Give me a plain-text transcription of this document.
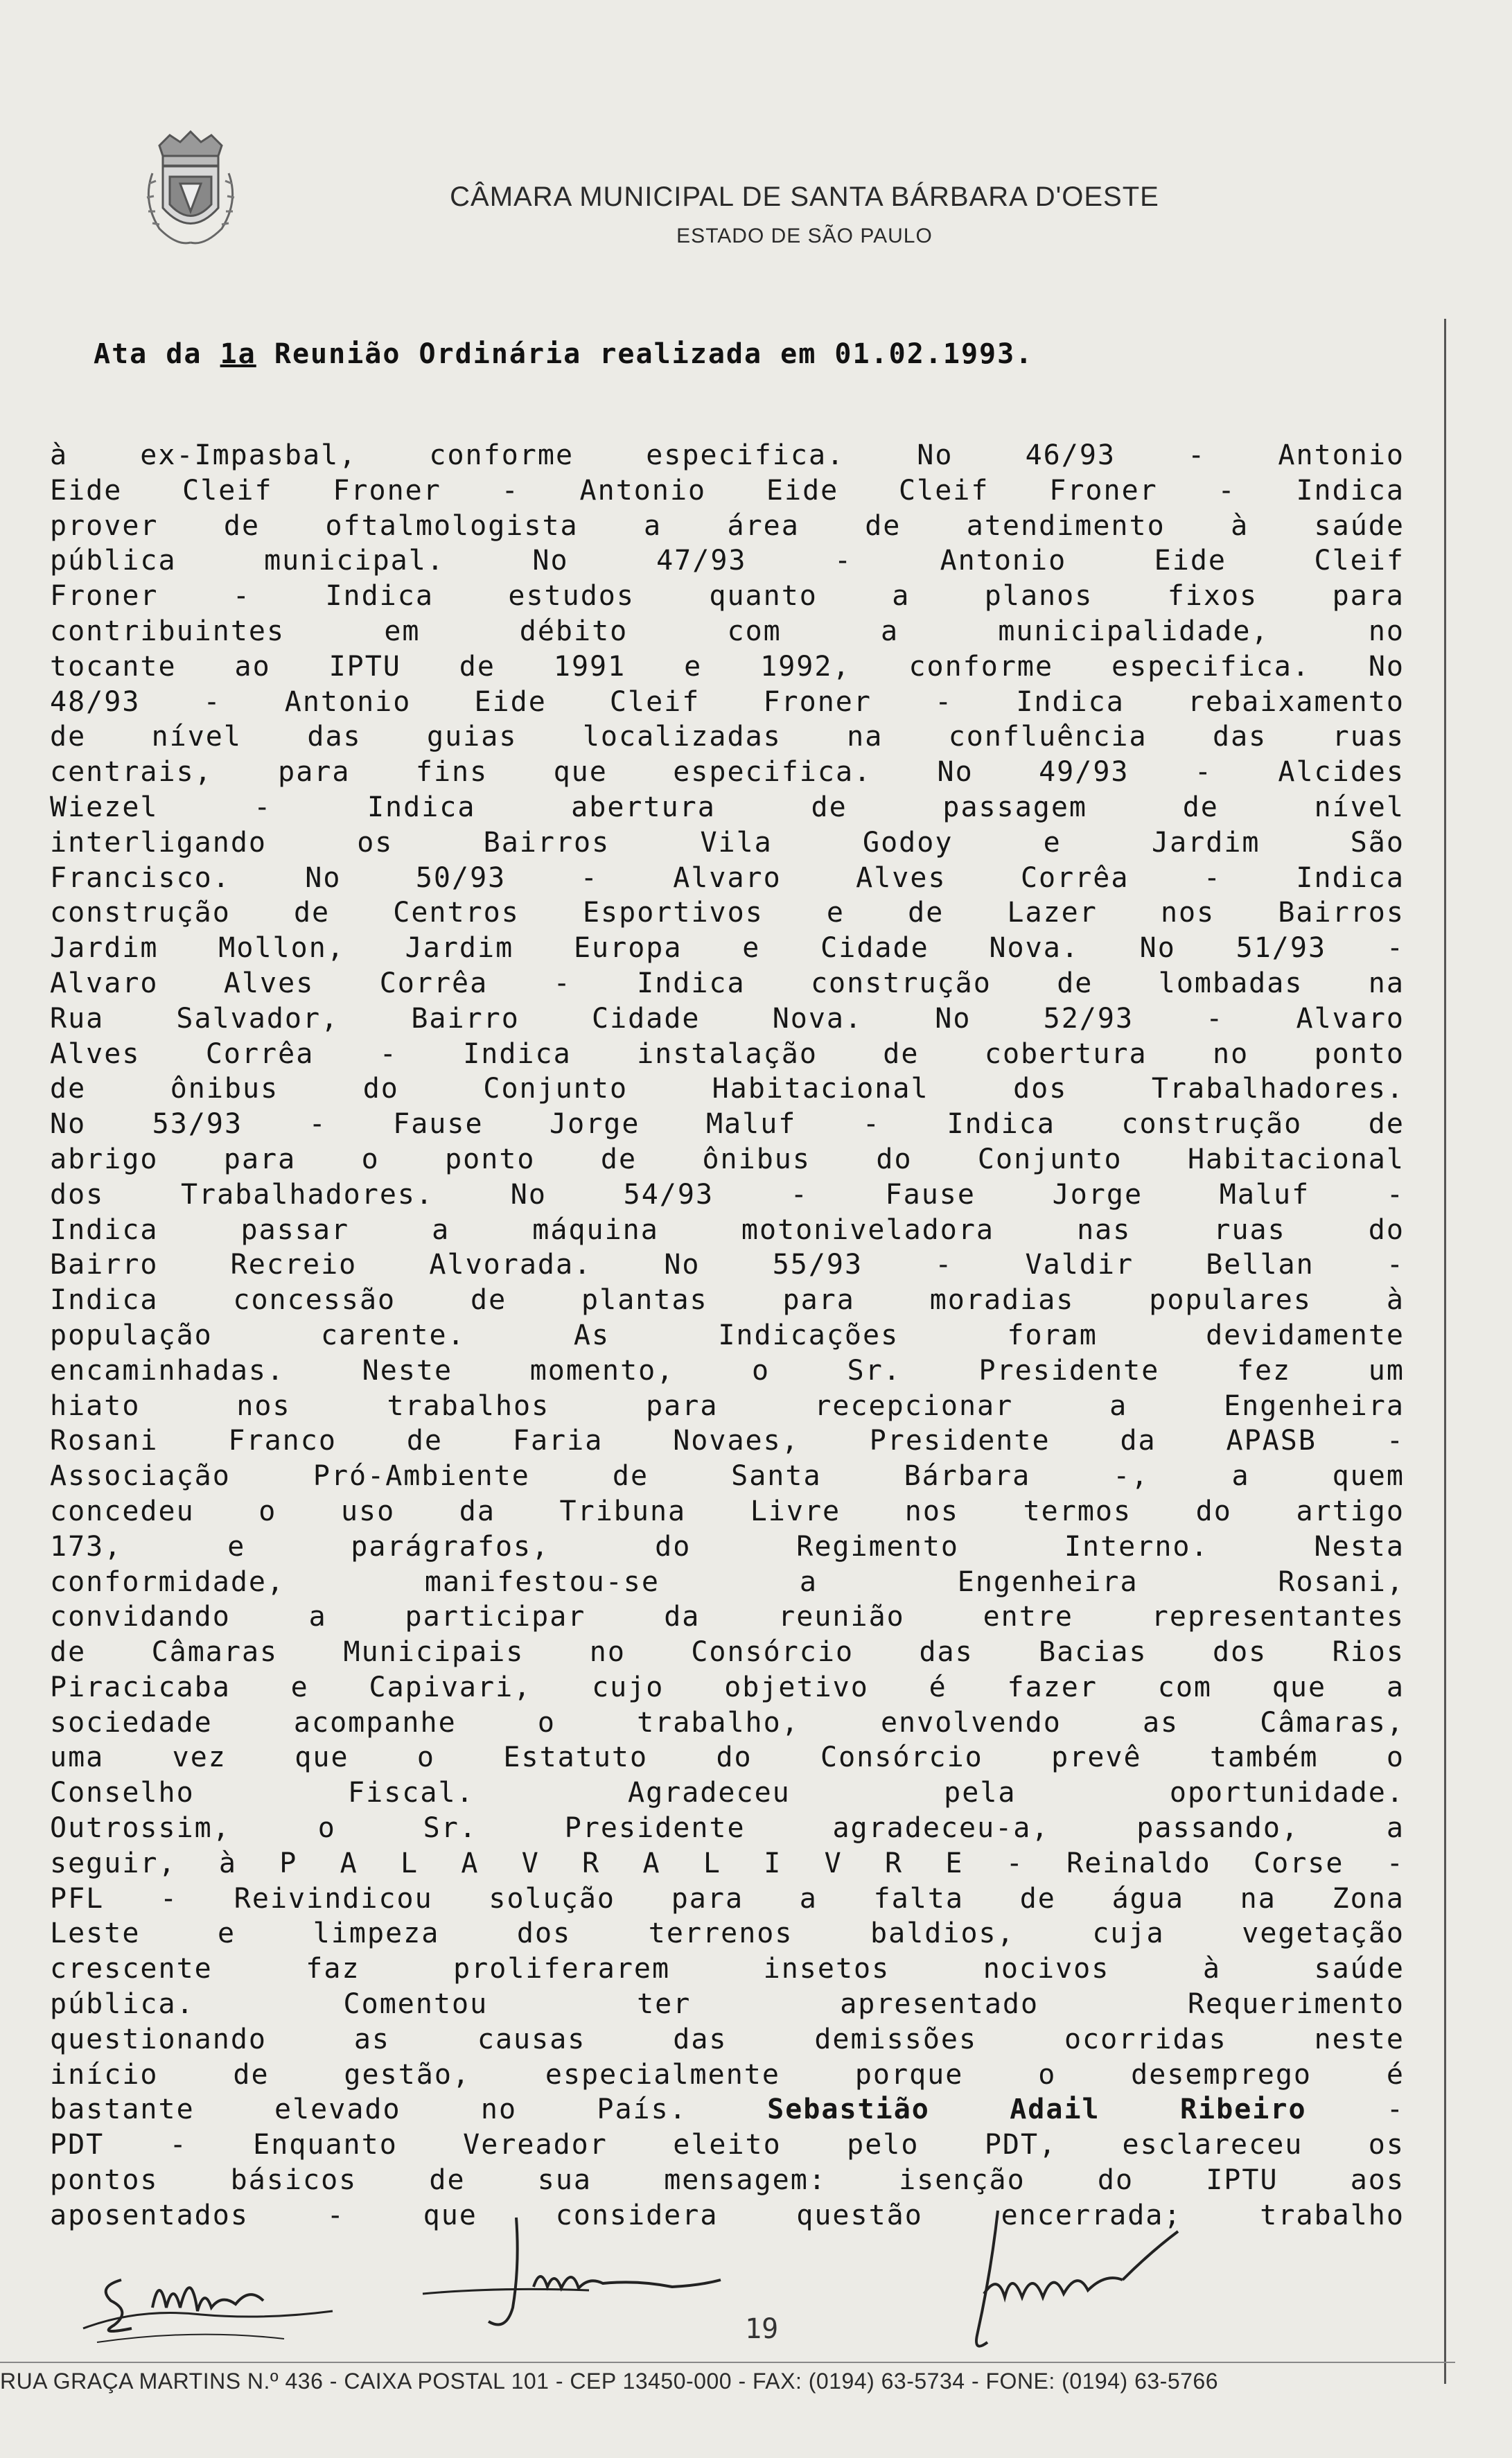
CÂMARA MUNICIPAL DE SANTA BÁRBARA D'OESTE
ESTADO DE SÃO PAULO
Ata da 1a Reunião Ordinária realizada em 01.02.1993.
à	ex-Impasbal,	conforme	especifica.	No	46/93	-	Antonio
Eide Cleif Froner - Antonio Eide Cleif Froner - Indica
prover de oftalmologista a área de atendimento à saúde
pública	municipal.	No	47/93	-	Antonio	Eide	Cleif
Froner	-	Indica	estudos	quanto	a	planos	fixos	para
contribuintes	em	débito	com	a	municipalidade,	no
tocante ao IPTU de 1991 e 1992, conforme especifica. No
48/93 - Antonio Eide Cleif Froner - Indica rebaixamento
de nível das guias localizadas na confluência das ruas
centrais, para fins que especifica. No 49/93 - Alcides
Wiezel	-	Indica	abertura	de	passagem	de	nível
interligando	os	Bairros	Vila	Godoy	e	Jardim	São
Francisco.	No	50/93	-	Alvaro	Alves	Corrêa	-	Indica
construção de Centros Esportivos e de Lazer nos Bairros
Jardim Mollon, Jardim Europa e Cidade Nova. No 51/93 -
Alvaro Alves Corrêa - Indica construção de lombadas na
Rua	Salvador,	Bairro	Cidade	Nova.	No	52/93	-	Alvaro
Alves Corrêa - Indica instalação de cobertura no ponto
de	ônibus	do	Conjunto	Habitacional	dos	Trabalhadores.
No 53/93 - Fause Jorge Maluf - Indica construção de
abrigo para o ponto de ônibus do Conjunto Habitacional
dos	Trabalhadores.	No	54/93	-	Fause	Jorge	Maluf	-
Indica	passar	a	máquina	motoniveladora	nas	ruas	do
Bairro	Recreio	Alvorada.	No	55/93	-	Valdir	Bellan	-
Indica	concessão	de	plantas	para	moradias	populares	à
população	carente.	As	Indicações	foram	devidamente
encaminhadas.	Neste	momento,	o	Sr.	Presidente	fez	um
hiato	nos	trabalhos	para	recepcionar	a	Engenheira
Rosani	Franco	de	Faria	Novaes,	Presidente	da	APASB	-
Associação	Pró-Ambiente	de	Santa	Bárbara	-,	a	quem
concedeu o uso da Tribuna Livre nos termos do artigo
173,	e	parágrafos,	do	Regimento	Interno.	Nesta
conformidade,	manifestou-se	a	Engenheira	Rosani,
convidando	a	participar	da	reunião	entre	representantes
de Câmaras Municipais no Consórcio das Bacias dos Rios
Piracicaba e Capivari, cujo objetivo é fazer com que a
sociedade	acompanhe	o	trabalho,	envolvendo	as	Câmaras,
uma vez que o Estatuto do Consórcio prevê também o
Conselho	Fiscal.	Agradeceu	pela	oportunidade.
Outrossim,	o	Sr.	Presidente	agradeceu-a,	passando,	a
seguir, à P A L A V R A L I V R E - Reinaldo Corse -
PFL - Reivindicou solução para a falta de água na Zona
Leste	e	limpeza	dos	terrenos	baldios,	cuja	vegetação
crescente	faz	proliferarem	insetos	nocivos	à	saúde
pública.	Comentou	ter	apresentado	Requerimento
questionando	as	causas	das	demissões	ocorridas	neste
início	de	gestão,	especialmente	porque	o	desemprego	é
bastante	elevado	no	País.	Sebastião	Adail	Ribeiro	-
PDT - Enquanto Vereador eleito pelo PDT, esclareceu os
pontos	básicos	de	sua	mensagem:	isenção	do	IPTU	aos
aposentados	-	que	considera	questão	encerrada;	trabalho
19
RUA GRAÇA MARTINS N.º 436 - CAIXA POSTAL 101 - CEP 13450-000 - FAX: (0194) 63-5734 - FONE: (0194) 63-5766
